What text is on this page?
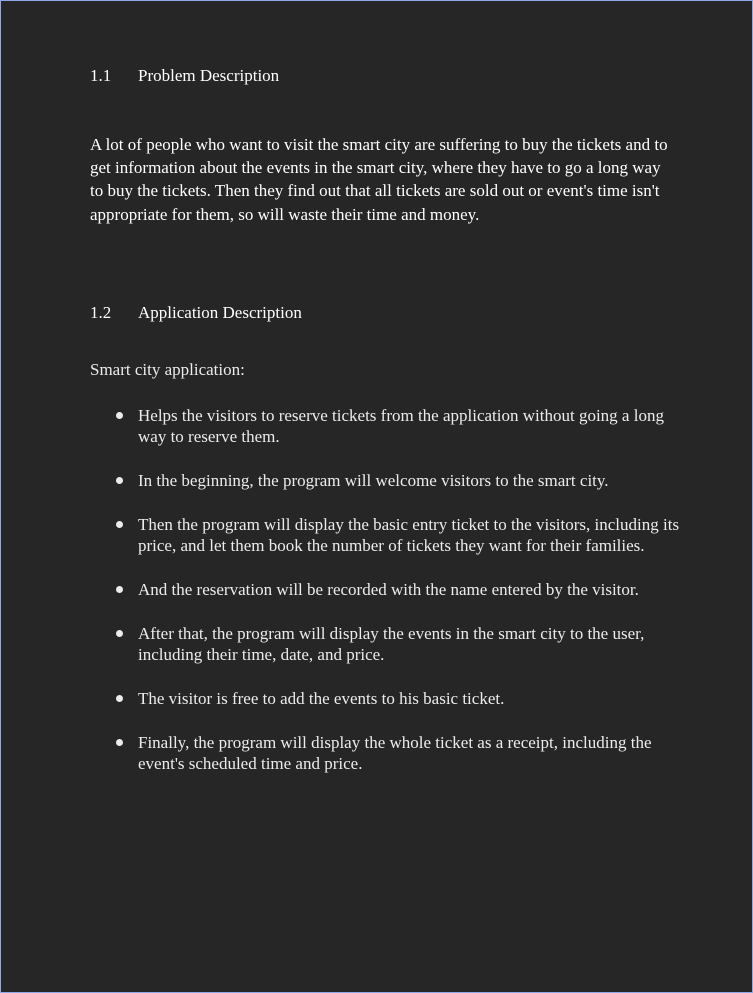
1.1 Problem Description
A lot of people who want to visit the smart city are suffering to buy the tickets and to get information about the events in the smart city, where they have to go a long way to buy the tickets. Then they find out that all tickets are sold out or event's time isn't appropriate for them, so will waste their time and money.
1.2 Application Description
Smart city application:
Helps the visitors to reserve tickets from the application without going a long way to reserve them.
In the beginning, the program will welcome visitors to the smart city.
Then the program will display the basic entry ticket to the visitors, including its price, and let them book the number of tickets they want for their families.
And the reservation will be recorded with the name entered by the visitor.
After that, the program will display the events in the smart city to the user, including their time, date, and price.
The visitor is free to add the events to his basic ticket.
Finally, the program will display the whole ticket as a receipt, including the event's scheduled time and price.
